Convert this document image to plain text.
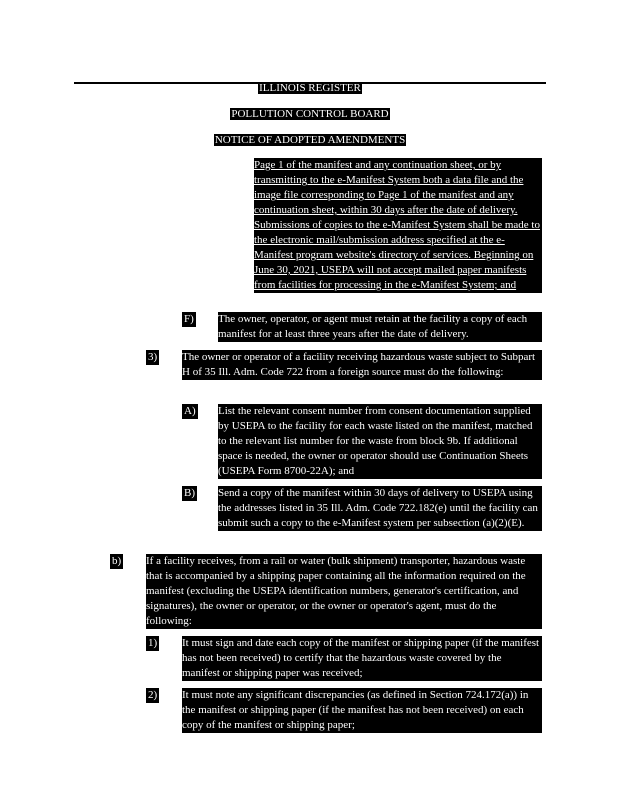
ILLINOIS REGISTER
POLLUTION CONTROL BOARD
NOTICE OF ADOPTED AMENDMENTS

Page 1 of the manifest and any continuation sheet, or by transmitting to the e-Manifest System both a data file and the image file corresponding to Page 1 of the manifest and any continuation sheet, within 30 days after the date of delivery. Submissions of copies to the e-Manifest System shall be made to the electronic mail/submission address specified at the e-Manifest program website's directory of services. Beginning on June 30, 2021, USEPA will not accept mailed paper manifests from facilities for processing in the e-Manifest System; and

F) The owner, operator, or agent must retain at the facility a copy of each manifest for at least three years after the date of delivery.

3) The owner or operator of a facility receiving hazardous waste subject to Subpart H of 35 Ill. Adm. Code 722 from a foreign source must do the following:

A) List the relevant consent number from consent documentation supplied by USEPA to the facility for each waste listed on the manifest, matched to the relevant list number for the waste from block 9b. If additional space is needed, the owner or operator should use Continuation Sheets (USEPA Form 8700-22A); and

B) Send a copy of the manifest within 30 days of delivery to USEPA using the addresses listed in 35 Ill. Adm. Code 722.182(e) until the facility can submit such a copy to the e-Manifest system per subsection (a)(2)(E).

b) If a facility receives, from a rail or water (bulk shipment) transporter, hazardous waste that is accompanied by a shipping paper containing all the information required on the manifest (excluding the USEPA identification numbers, generator's certification, and signatures), the owner or operator, or the owner or operator's agent, must do the following:

1) It must sign and date each copy of the manifest or shipping paper (if the manifest has not been received) to certify that the hazardous waste covered by the manifest or shipping paper was received;

2) It must note any significant discrepancies (as defined in Section 724.172(a)) in the manifest or shipping paper (if the manifest has not been received) on each copy of the manifest or shipping paper;
